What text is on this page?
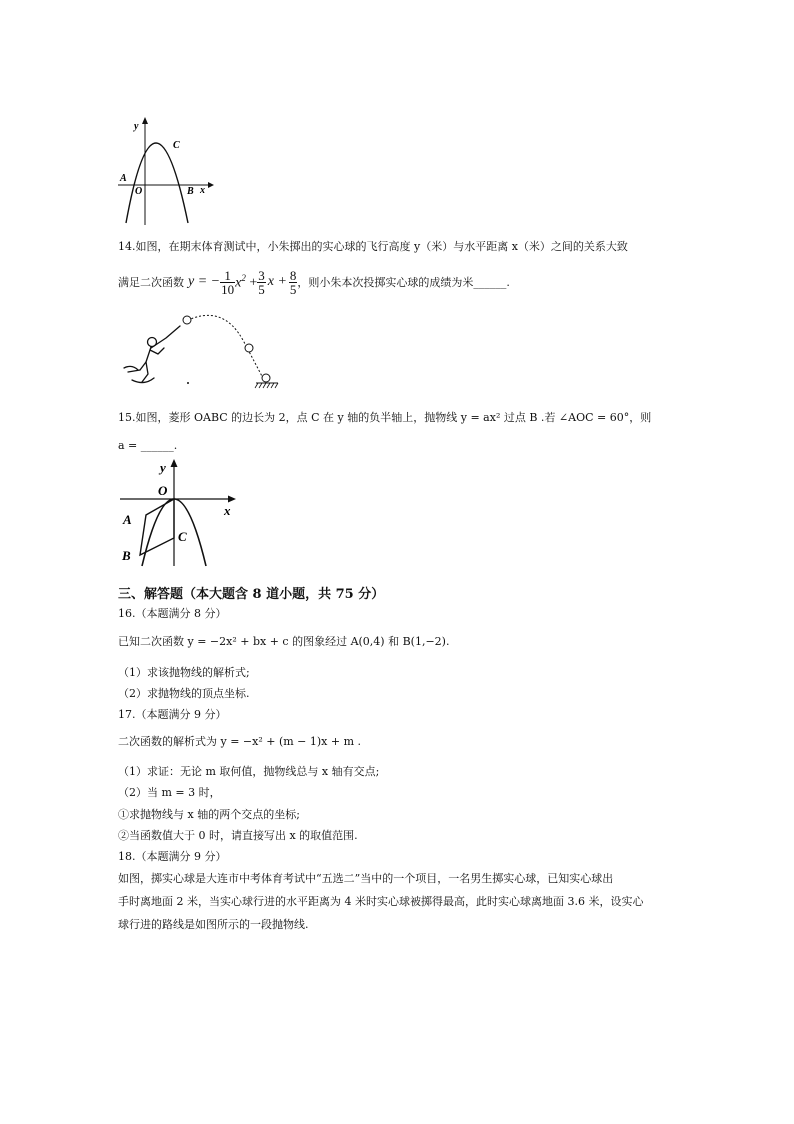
y
C
A
O	B x
14.如图，在期末体育测试中，小朱掷出的实心球的飞行高度 y（米）与水平距离 x（米）之间的关系大致
满足二次函数 y = − $\frac{1}{10} x^2 + \frac{3}{5}$ $x + \frac{8}{5}$ ，则小朱本次投掷实心球的成绩为米______.
15.如图，菱形 OABC 的边长为 2，点 C 在 y 轴的负半轴上，抛物线 y = ax² 过点 B .若 ∠AOC = 60°，则
a = ______.
y
O
x
A
C
B
三、解答题（本大题含 8 道小题，共 75 分）
16.（本题满分 8 分）
已知二次函数 y = −2x² + bx + c 的图象经过 A(0,4) 和 B(1,−2).
（1）求该抛物线的解析式;
（2）求抛物线的顶点坐标.
17.（本题满分 9 分）
二次函数的解析式为 y = −x² + (m − 1)x + m .
（1）求证：无论 m 取何值，抛物线总与 x 轴有交点;
（2）当 m = 3 时，
①求抛物线与 x 轴的两个交点的坐标;
②当函数值大于 0 时，请直接写出 x 的取值范围.
18.（本题满分 9 分）
如图，掷实心球是大连市中考体育考试中“五选二”当中的一个项目，一名男生掷实心球，已知实心球出
手时离地面 2 米，当实心球行进的水平距离为 4 米时实心球被掷得最高，此时实心球离地面 3.6 米，设实心
球行进的路线是如图所示的一段抛物线.
